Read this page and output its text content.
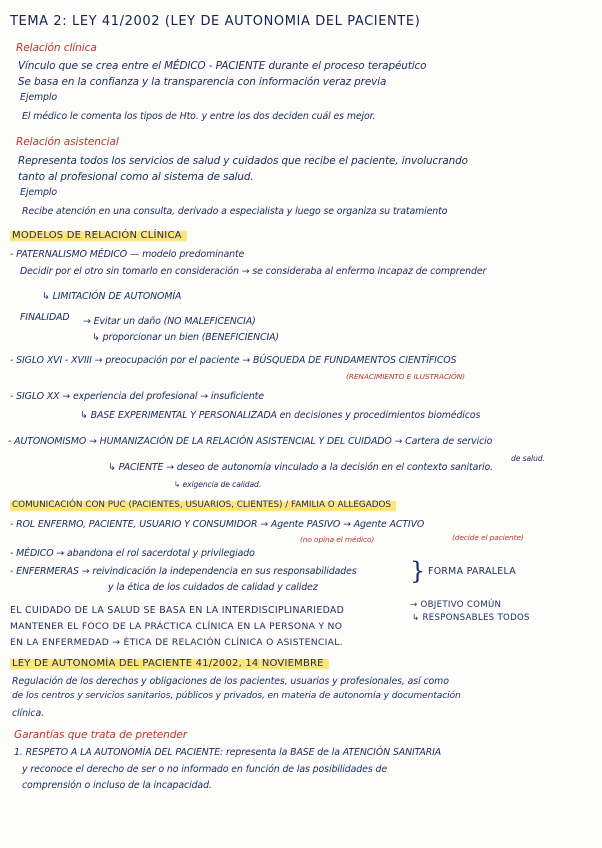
TEMA 2: LEY 41/2002 (LEY DE AUTONOMIA DEL PACIENTE)
Relación clínica
Vínculo que se crea entre el MÉDICO - PACIENTE durante el proceso terapéutico
Se basa en la confianza y la transparencia con información veraz previa
Ejemplo
El médico le comenta los tipos de Hto. y entre los dos deciden cuál es mejor.
Relación asistencial
Representa todos los servicios de salud y cuidados que recibe el paciente, involucrando
tanto al profesional como al sistema de salud.
Ejemplo
Recibe atención en una consulta, derivado a especialista y luego se organiza su tratamiento
MODELOS DE RELACIÓN CLÍNICA
- PATERNALISMO MÉDICO — modelo predominante
Decidir por el otro sin tomarlo en consideración → se consideraba al enfermo incapaz de comprender
↳ LIMITACIÓN DE AUTONOMÍA
FINALIDAD → Evitar un daño (NO MALEFICENCIA)
↳ proporcionar un bien (BENEFICIENCIA)
- SIGLO XVI - XVIII → preocupación por el paciente → BÚSQUEDA DE FUNDAMENTOS CIENTÍFICOS
(RENACIMIENTO E ILUSTRACIÓN)
- SIGLO XX → experiencia del profesional → insuficiente
↳ BASE EXPERIMENTAL Y PERSONALIZADA en decisiones y procedimientos biomédicos
- AUTONOMISMO → HUMANIZACIÓN DE LA RELACIÓN ASISTENCIAL Y DEL CUIDADO → Cartera de servicio
de salud.
↳ PACIENTE → deseo de autonomía vinculado a la decisión en el contexto sanitario.
↳ exigencia de calidad.
COMUNICACIÓN CON PUC (PACIENTES, USUARIOS, CLIENTES) / FAMILIA O ALLEGADOS
- ROL ENFERMO, PACIENTE, USUARIO Y CONSUMIDOR → Agente PASIVO → Agente ACTIVO
(no opina el médico)	(decide el paciente)
- MÉDICO → abandona el rol sacerdotal y privilegiado
- ENFERMERAS → reivindicación la independencia en sus responsabilidades
y la ética de los cuidados de calidad y calidez
} FORMA PARALELA
EL CUIDADO DE LA SALUD SE BASA EN LA INTERDISCIPLINARIEDAD	→ OBJETIVO COMÚN
↳ RESPONSABLES TODOS
MANTENER EL FOCO DE LA PRÁCTICA CLÍNICA EN LA PERSONA Y NO
EN LA ENFERMEDAD → ÉTICA DE RELACIÓN CLÍNICA O ASISTENCIAL.
LEY DE AUTONOMÍA DEL PACIENTE 41/2002, 14 NOVIEMBRE
Regulación de los derechos y obligaciones de los pacientes, usuarios y profesionales, así como
de los centros y servicios sanitarios, públicos y privados, en materia de autonomía y documentación
clínica.
Garantías que trata de pretender
1. RESPETO A LA AUTONOMÍA DEL PACIENTE: representa la BASE de la ATENCIÓN SANITARIA
y reconoce el derecho de ser o no informado en función de las posibilidades de
comprensión o incluso de la incapacidad.
